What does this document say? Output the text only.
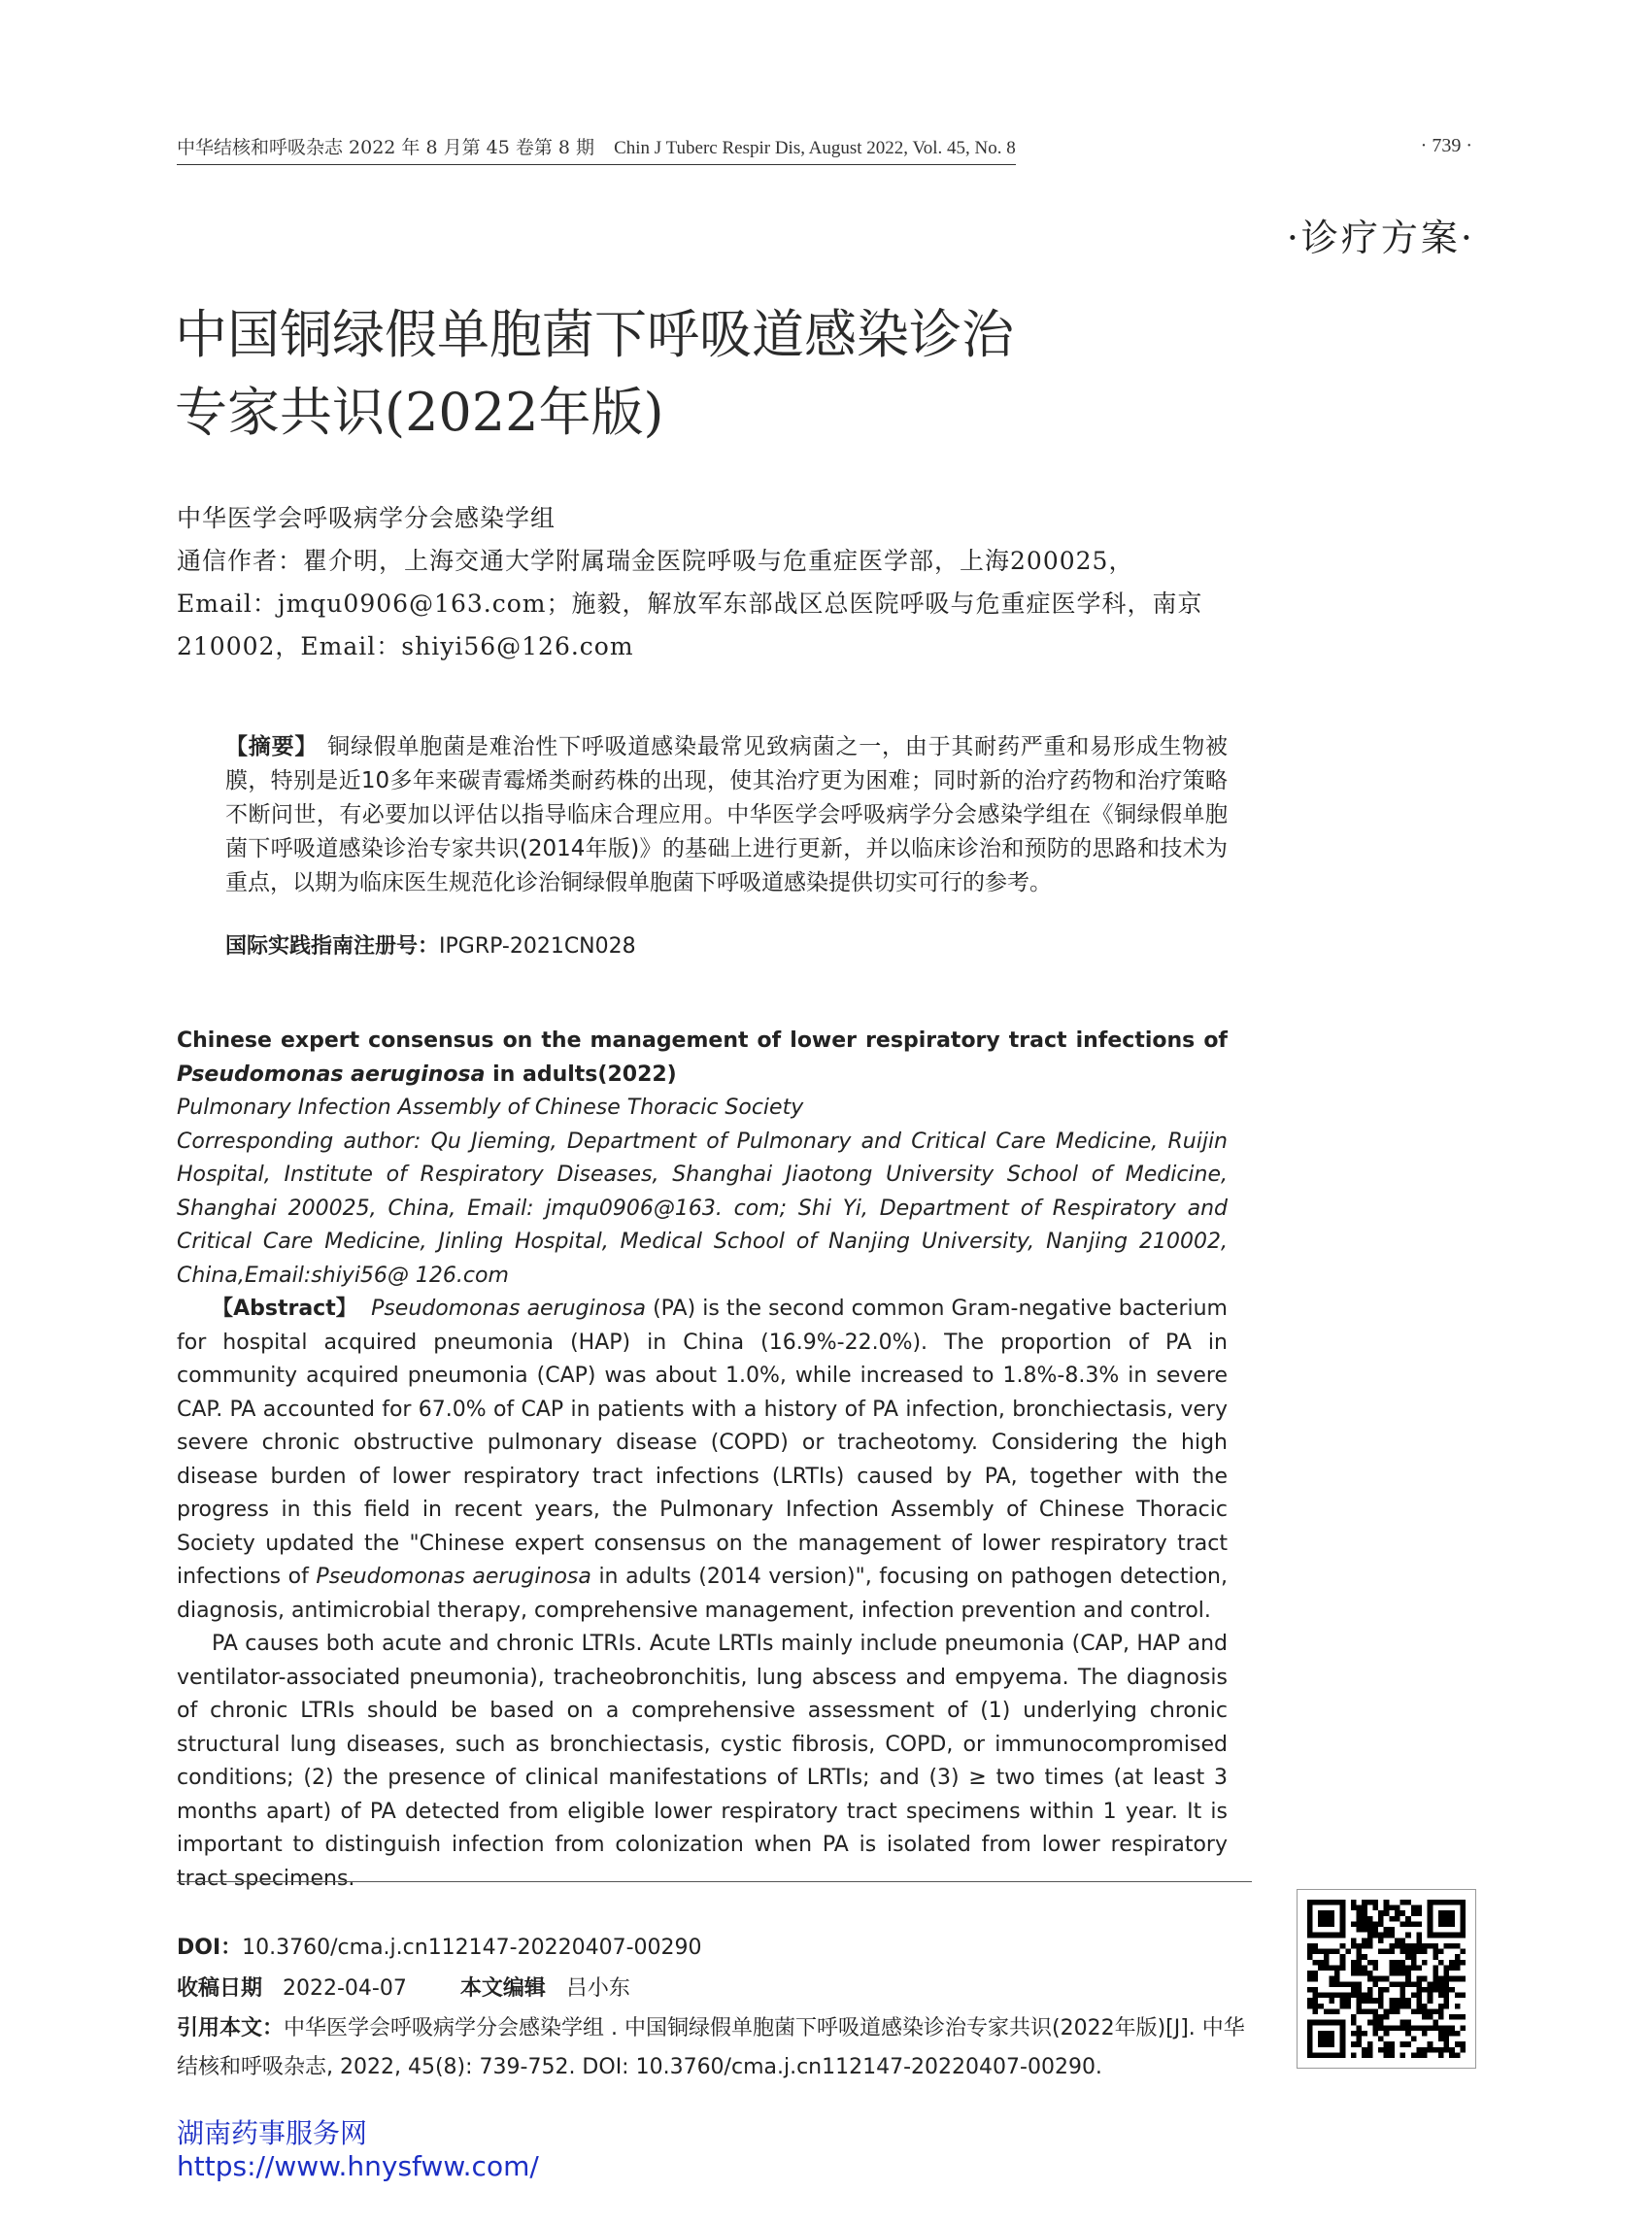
中华结核和呼吸杂志 2022 年 8 月第 45 卷第 8 期 Chin J Tuberc Respir Dis, August 2022, Vol. 45, No. 8	· 739 ·
·诊疗方案·
中国铜绿假单胞菌下呼吸道感染诊治
专家共识(2022年版)
中华医学会呼吸病学分会感染学组
通信作者：瞿介明，上海交通大学附属瑞金医院呼吸与危重症医学部，上海200025，Email：jmqu0906@163.com；施毅，解放军东部战区总医院呼吸与危重症医学科，南京210002，Email：shiyi56@126.com
【摘要】 铜绿假单胞菌是难治性下呼吸道感染最常见致病菌之一，由于其耐药严重和易形成生物被膜，特别是近10多年来碳青霉烯类耐药株的出现，使其治疗更为困难；同时新的治疗药物和治疗策略不断问世，有必要加以评估以指导临床合理应用。中华医学会呼吸病学分会感染学组在《铜绿假单胞菌下呼吸道感染诊治专家共识(2014年版)》的基础上进行更新，并以临床诊治和预防的思路和技术为重点，以期为临床医生规范化诊治铜绿假单胞菌下呼吸道感染提供切实可行的参考。
国际实践指南注册号：IPGRP-2021CN028

Chinese expert consensus on the management of lower respiratory tract infections of Pseudomonas aeruginosa in adults(2022)

Pulmonary Infection Assembly of Chinese Thoracic Society

Corresponding author: Qu Jieming, Department of Pulmonary and Critical Care Medicine, Ruijin Hospital, Institute of Respiratory Diseases, Shanghai Jiaotong University School of Medicine, Shanghai 200025, China, Email: jmqu0906@163. com; Shi Yi, Department of Respiratory and Critical Care Medicine, Jinling Hospital, Medical School of Nanjing University, Nanjing 210002, China,Email:shiyi56@ 126.com

【Abstract】 Pseudomonas aeruginosa (PA) is the second common Gram-negative bacterium for hospital acquired pneumonia (HAP) in China (16.9%-22.0%). The proportion of PA in community acquired pneumonia (CAP) was about 1.0%, while increased to 1.8%-8.3% in severe CAP. PA accounted for 67.0% of CAP in patients with a history of PA infection, bronchiectasis, very severe chronic obstructive pulmonary disease (COPD) or tracheotomy. Considering the high disease burden of lower respiratory tract infections (LRTIs) caused by PA, together with the progress in this field in recent years, the Pulmonary Infection Assembly of Chinese Thoracic Society updated the "Chinese expert consensus on the management of lower respiratory tract infections of Pseudomonas aeruginosa in adults (2014 version)", focusing on pathogen detection, diagnosis, antimicrobial therapy, comprehensive management, infection prevention and control.

PA causes both acute and chronic LTRIs. Acute LRTIs mainly include pneumonia (CAP, HAP and ventilator-associated pneumonia), tracheobronchitis, lung abscess and empyema. The diagnosis of chronic LTRIs should be based on a comprehensive assessment of (1) underlying chronic structural lung diseases, such as bronchiectasis, cystic fibrosis, COPD, or immunocompromised conditions; (2) the presence of clinical manifestations of LRTIs; and (3) ≥ two times (at least 3 months apart) of PA detected from eligible lower respiratory tract specimens within 1 year. It is important to distinguish infection from colonization when PA is isolated from lower respiratory tract specimens.

DOI：10.3760/cma.j.cn112147-20220407-00290
收稿日期 2022-04-07	本文编辑 吕小东
引用本文：中华医学会呼吸病学分会感染学组 . 中国铜绿假单胞菌下呼吸道感染诊治专家共识(2022年版)[J]. 中华结核和呼吸杂志, 2022, 45(8): 739-752. DOI: 10.3760/cma.j.cn112147-20220407-00290.
湖南药事服务网
https://www.hnysfww.com/
